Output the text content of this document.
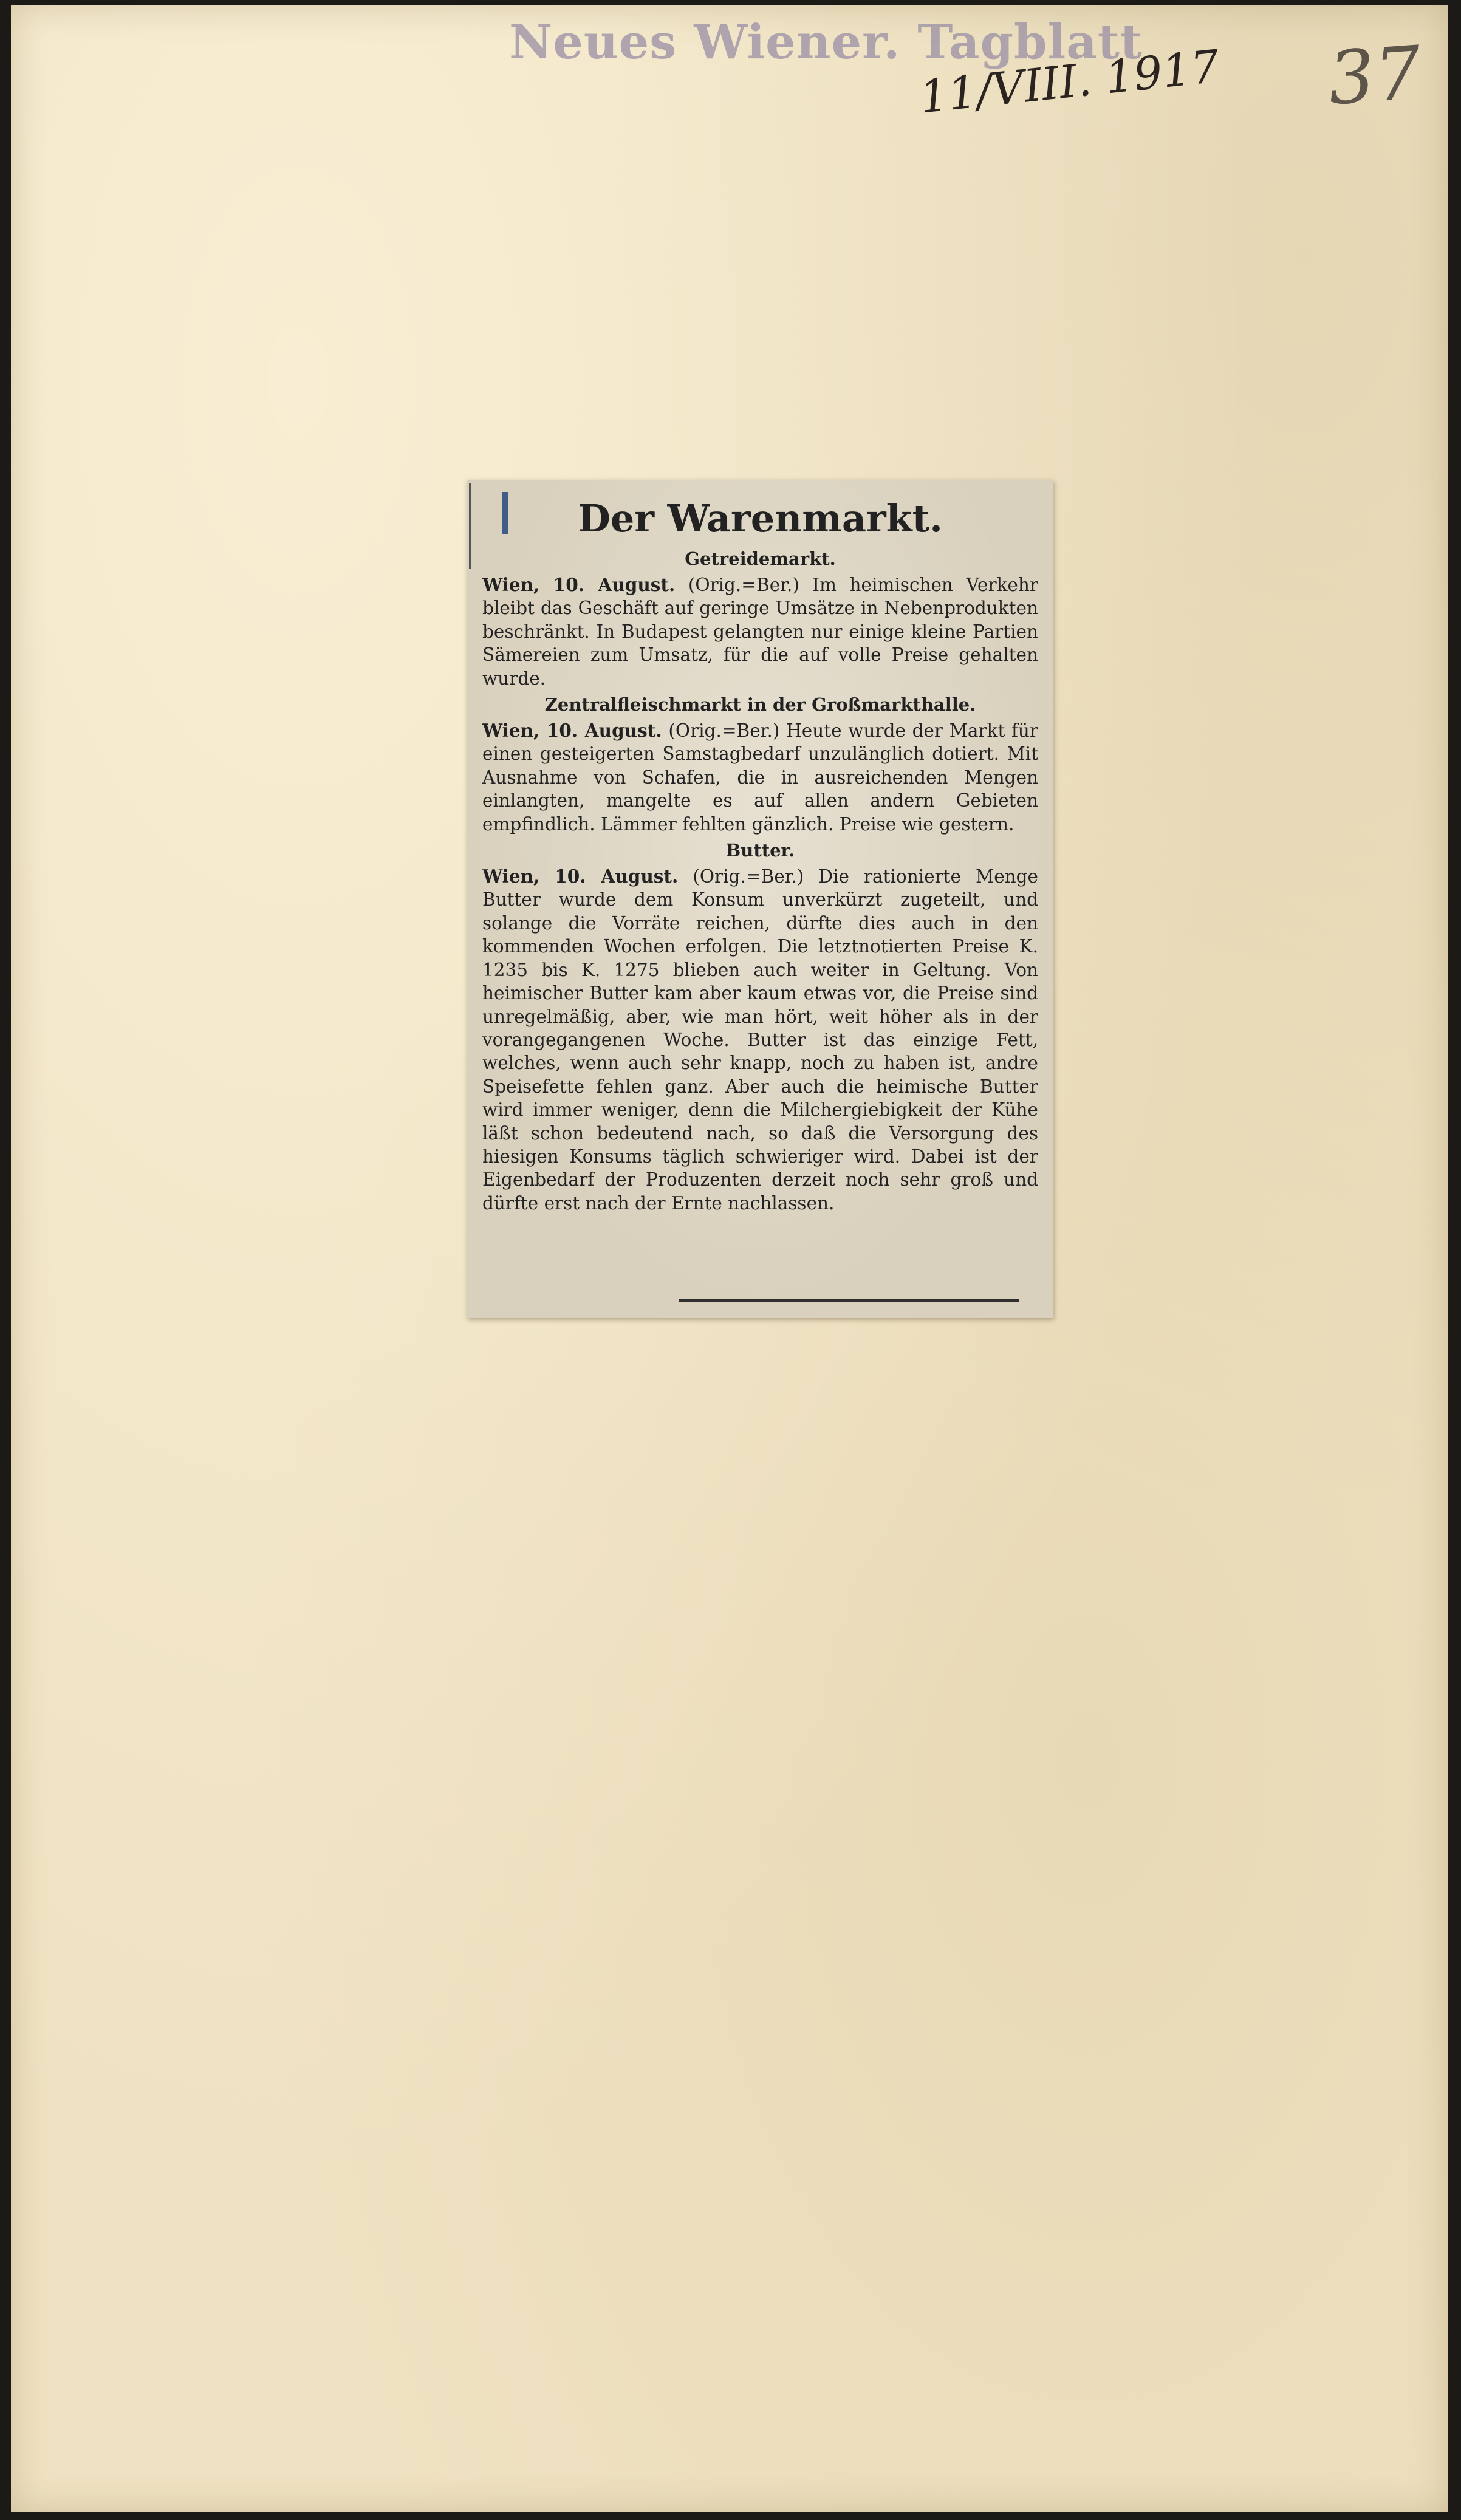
Neues Wiener. Tagblatt
11/VIII. 1917 37
Der Warenmarkt.
Getreidemarkt.

Wien, 10. August. (Orig.=Ber.) Im heimischen Verkehr bleibt das Geschäft auf geringe Umsätze in Nebenprodukten beschränkt. In Budapest gelangten nur einige kleine Partien Sämereien zum Umsatz, für die auf volle Preise gehalten wurde.

Zentralfleischmarkt in der Großmarkthalle.

Wien, 10. August. (Orig.=Ber.) Heute wurde der Markt für einen gesteigerten Samstagbedarf unzulänglich dotiert. Mit Ausnahme von Schafen, die in ausreichenden Mengen einlangten, mangelte es auf allen andern Gebieten empfindlich. Lämmer fehlten gänzlich. Preise wie gestern.

Butter.

Wien, 10. August. (Orig.=Ber.) Die rationierte Menge Butter wurde dem Konsum unverkürzt zugeteilt, und solange die Vorräte reichen, dürfte dies auch in den kommenden Wochen erfolgen. Die letztnotierten Preise K. 1235 bis K. 1275 blieben auch weiter in Geltung. Von heimischer Butter kam aber kaum etwas vor, die Preise sind unregelmäßig, aber, wie man hört, weit höher als in der vorangegangenen Woche. Butter ist das einzige Fett, welches, wenn auch sehr knapp, noch zu haben ist, andre Speisefette fehlen ganz. Aber auch die heimische Butter wird immer weniger, denn die Milchergiebigkeit der Kühe läßt schon bedeutend nach, so daß die Versorgung des hiesigen Konsums täglich schwieriger wird. Dabei ist der Eigenbedarf der Produzenten derzeit noch sehr groß und dürfte erst nach der Ernte nachlassen.
